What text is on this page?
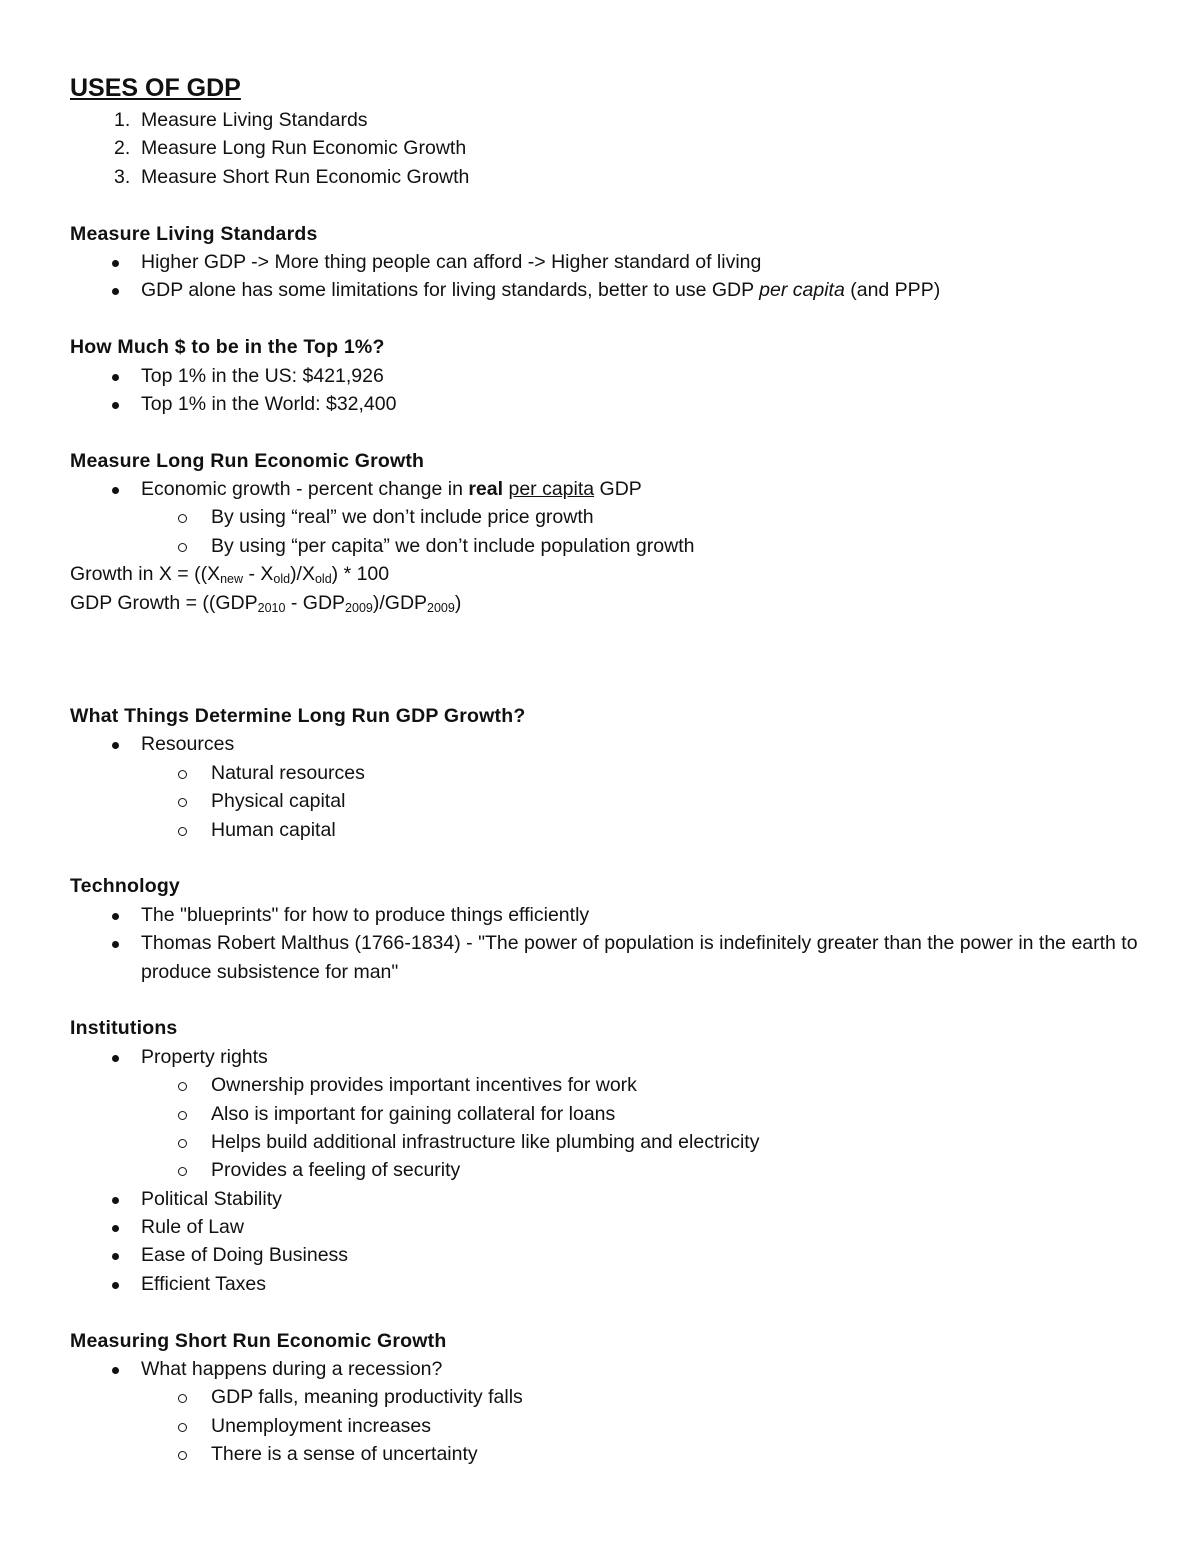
USES OF GDP
1. Measure Living Standards
2. Measure Long Run Economic Growth
3. Measure Short Run Economic Growth
Measure Living Standards
Higher GDP -> More thing people can afford -> Higher standard of living
GDP alone has some limitations for living standards, better to use GDP per capita (and PPP)
How Much $ to be in the Top 1%?
Top 1% in the US: $421,926
Top 1% in the World: $32,400
Measure Long Run Economic Growth
Economic growth - percent change in real per capita GDP
By using “real” we don’t include price growth
By using “per capita” we don’t include population growth
Growth in $X = ((X_{new} - X_{old})/X_{old}) * 100$
GDP Growth = $((GDP_{2010} - GDP_{2009})/GDP_{2009})$
What Things Determine Long Run GDP Growth?
Resources
Natural resources
Physical capital
Human capital
Technology
The "blueprints" for how to produce things efficiently
Thomas Robert Malthus (1766-1834) - "The power of population is indefinitely greater than the power in the earth to produce subsistence for man"
Institutions
Property rights
Ownership provides important incentives for work
Also is important for gaining collateral for loans
Helps build additional infrastructure like plumbing and electricity
Provides a feeling of security
Political Stability
Rule of Law
Ease of Doing Business
Efficient Taxes
Measuring Short Run Economic Growth
What happens during a recession?
GDP falls, meaning productivity falls
Unemployment increases
There is a sense of uncertainty
